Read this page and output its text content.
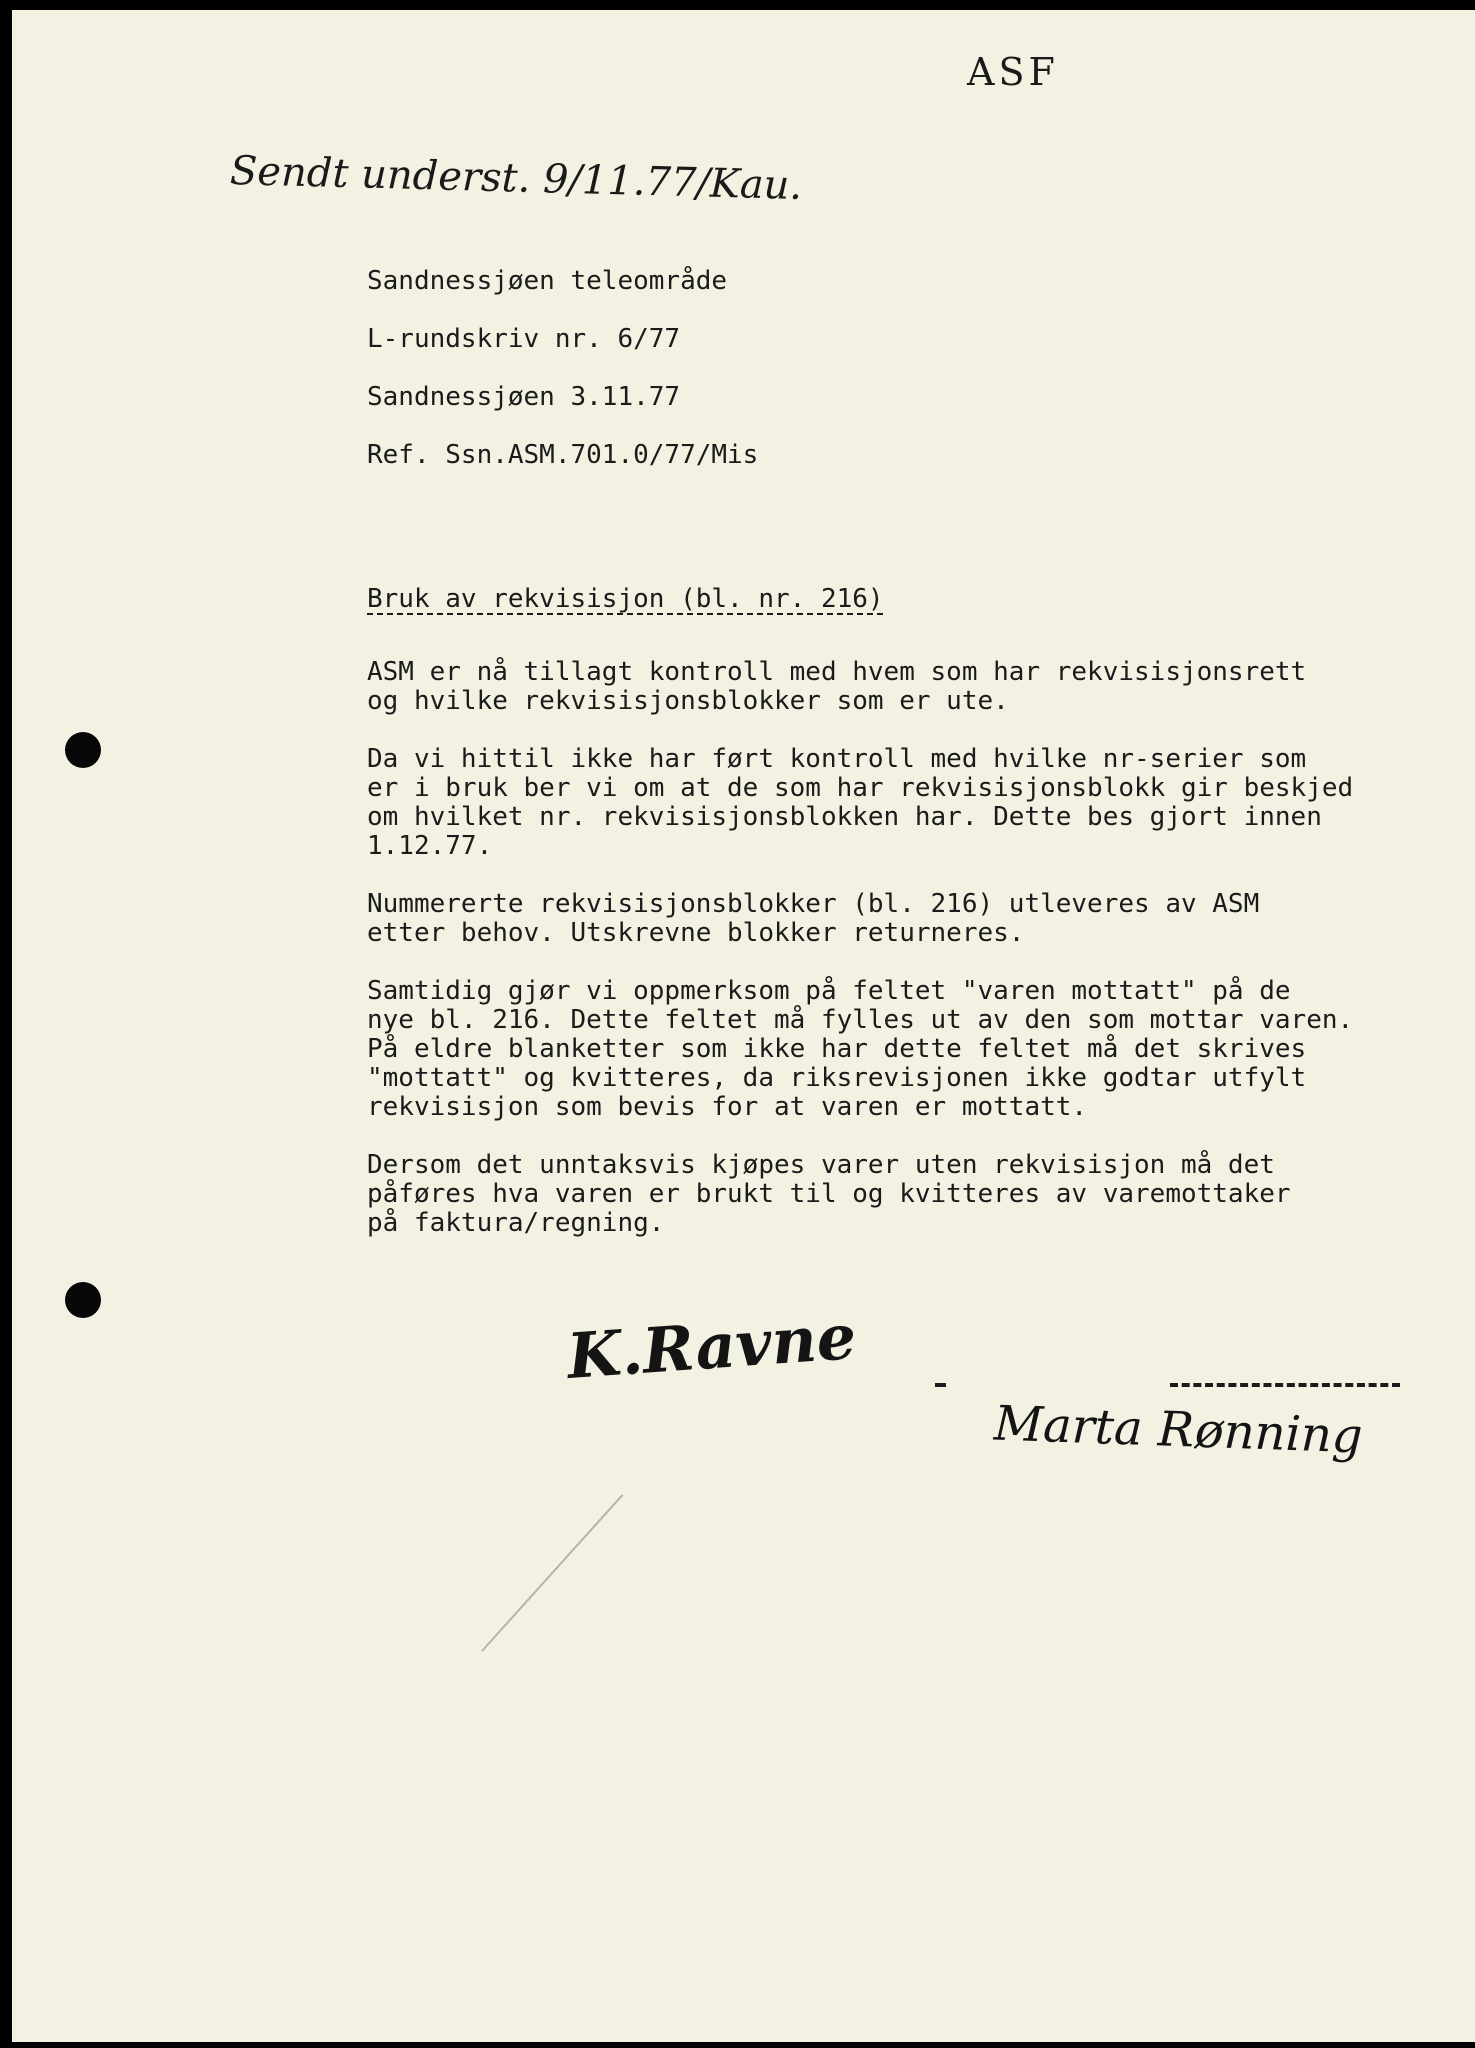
ASF
Sendt underst. 9/11.77/Kau.
Sandnessjøen teleområde
L-rundskriv nr. 6/77
Sandnessjøen 3.11.77
Ref. Ssn.ASM.701.0/77/Mis
Bruk av rekvisisjon (bl. nr. 216)

ASM er nå tillagt kontroll med hvem som har rekvisisjonsrett
og hvilke rekvisisjonsblokker som er ute.

Da vi hittil ikke har ført kontroll med hvilke nr-serier som
er i bruk ber vi om at de som har rekvisisjonsblokk gir beskjed
om hvilket nr. rekvisisjonsblokken har. Dette bes gjort innen
1.12.77.

Nummererte rekvisisjonsblokker (bl. 216) utleveres av ASM
etter behov. Utskrevne blokker returneres.

Samtidig gjør vi oppmerksom på feltet "varen mottatt" på de
nye bl. 216. Dette feltet må fylles ut av den som mottar varen.
På eldre blanketter som ikke har dette feltet må det skrives
"mottatt" og kvitteres, da riksrevisjonen ikke godtar utfylt
rekvisisjon som bevis for at varen er mottatt.

Dersom det unntaksvis kjøpes varer uten rekvisisjon må det
påføres hva varen er brukt til og kvitteres av varemottaker
på faktura/regning.

K.Ravne
Marta Rønning
